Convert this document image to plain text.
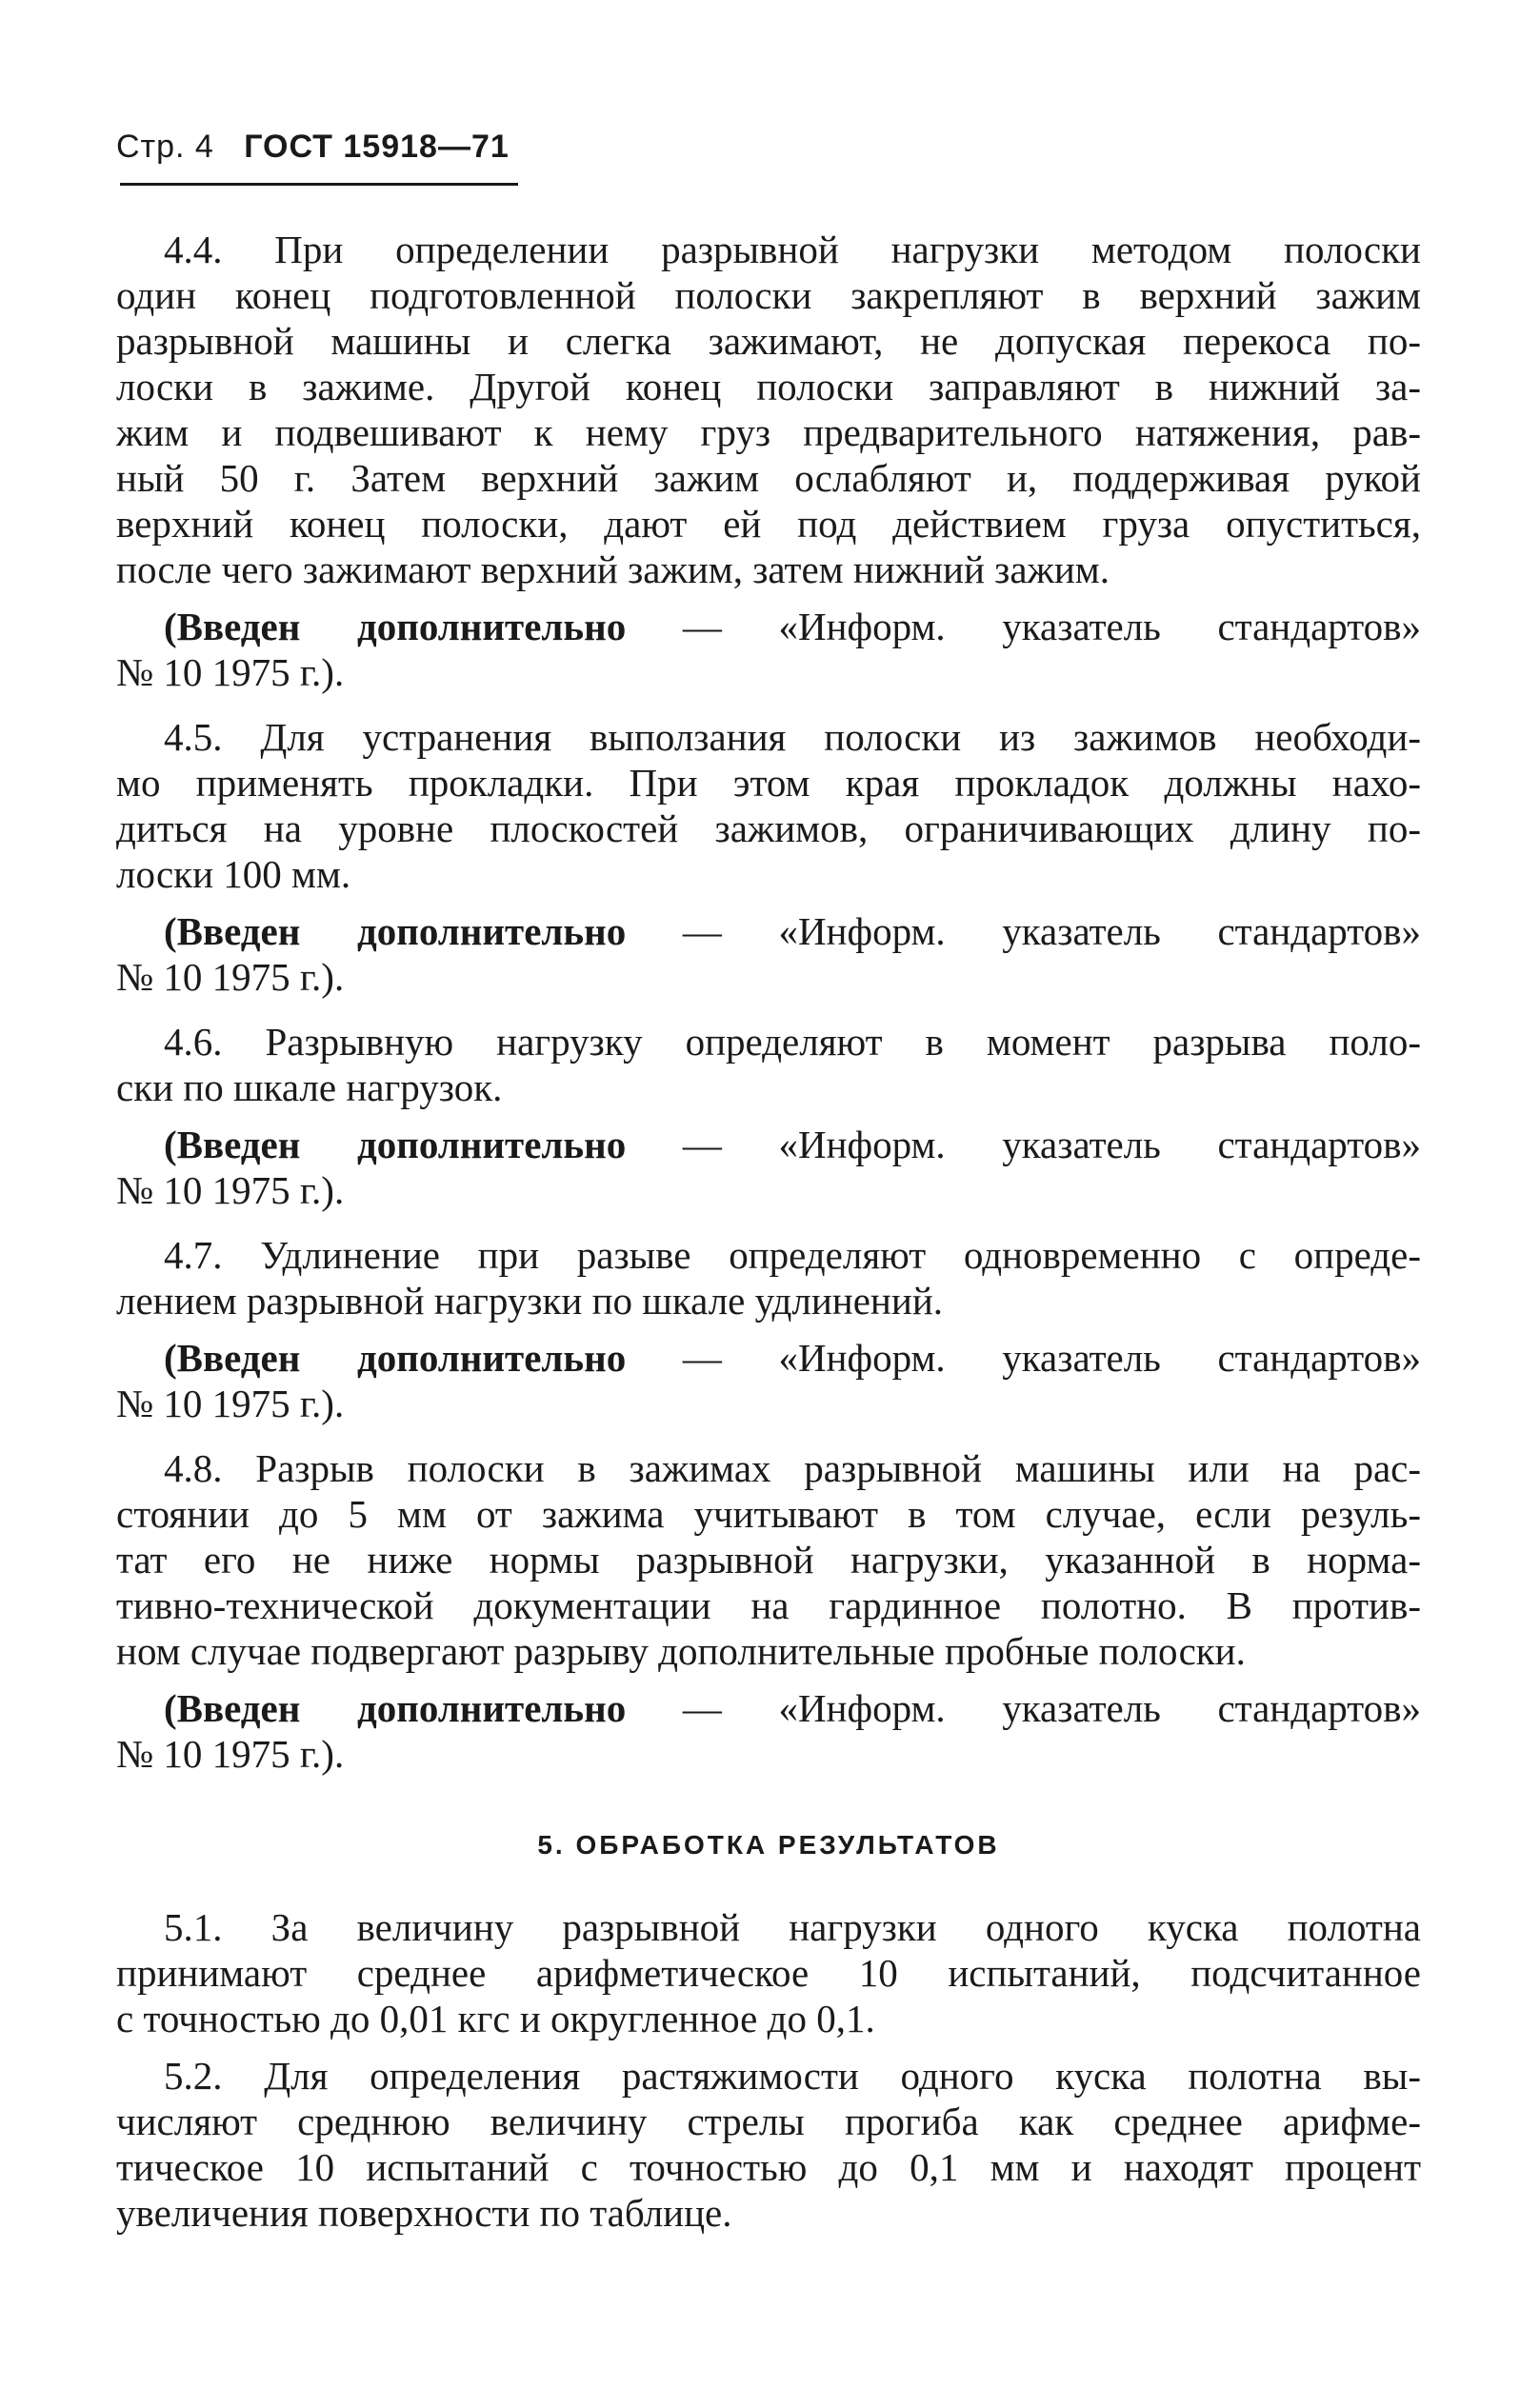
Стр. 4 ГОСТ 15918—71
4.4. При определении разрывной нагрузки методом полоски
один конец подготовленной полоски закрепляют в верхний зажим
разрывной машины и слегка зажимают, не допуская перекоса по-
лоски в зажиме. Другой конец полоски заправляют в нижний за-
жим и подвешивают к нему груз предварительного натяжения, рав-
ный 50 г. Затем верхний зажим ослабляют и, поддерживая рукой
верхний конец полоски, дают ей под действием груза опуститься,
после чего зажимают верхний зажим, затем нижний зажим.
(Введен дополнительно — «Информ. указатель стандартов»
№ 10 1975 г.).
4.5. Для устранения выползания полоски из зажимов необходи-
мо применять прокладки. При этом края прокладок должны нахо-
диться на уровне плоскостей зажимов, ограничивающих длину по-
лоски 100 мм.
(Введен дополнительно — «Информ. указатель стандартов»
№ 10 1975 г.).
4.6. Разрывную нагрузку определяют в момент разрыва поло-
ски по шкале нагрузок.
(Введен дополнительно — «Информ. указатель стандартов»
№ 10 1975 г.).
4.7. Удлинение при разыве определяют одновременно с опреде-
лением разрывной нагрузки по шкале удлинений.
(Введен дополнительно — «Информ. указатель стандартов»
№ 10 1975 г.).
4.8. Разрыв полоски в зажимах разрывной машины или на рас-
стоянии до 5 мм от зажима учитывают в том случае, если резуль-
тат его не ниже нормы разрывной нагрузки, указанной в норма-
тивно-технической документации на гардинное полотно. В против-
ном случае подвергают разрыву дополнительные пробные полоски.
(Введен дополнительно — «Информ. указатель стандартов»
№ 10 1975 г.).
5. ОБРАБОТКА РЕЗУЛЬТАТОВ
5.1. За величину разрывной нагрузки одного куска полотна
принимают среднее арифметическое 10 испытаний, подсчитанное
с точностью до 0,01 кгс и округленное до 0,1.
5.2. Для определения растяжимости одного куска полотна вы-
числяют среднюю величину стрелы прогиба как среднее арифме-
тическое 10 испытаний с точностью до 0,1 мм и находят процент
увеличения поверхности по таблице.
